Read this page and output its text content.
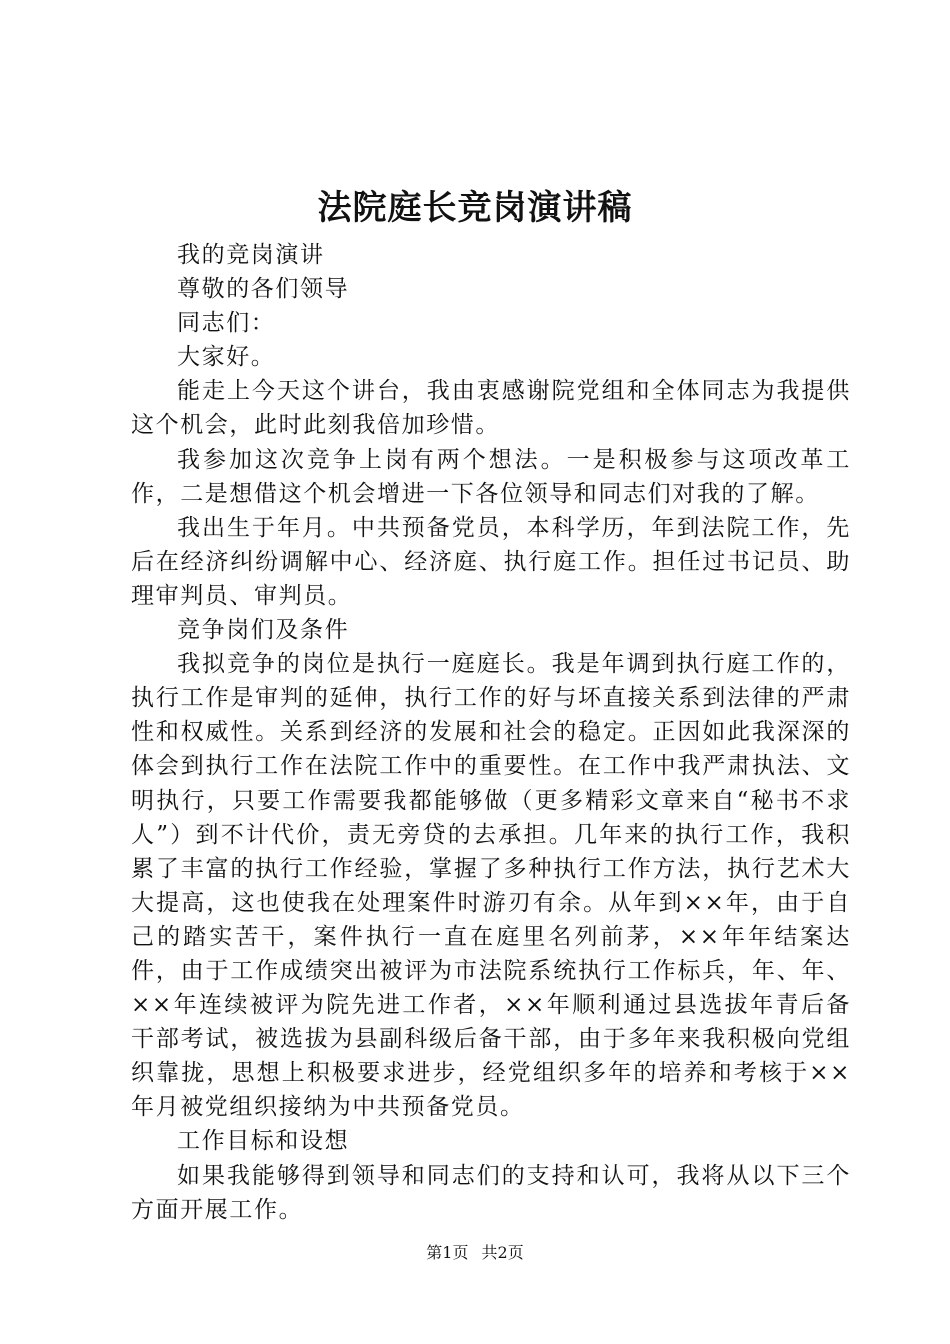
法院庭长竞岗演讲稿

我的竞岗演讲

尊敬的各们领导

同志们：

大家好。

能走上今天这个讲台，我由衷感谢院党组和全体同志为我提供这个机会，此时此刻我倍加珍惜。

我参加这次竞争上岗有两个想法。一是积极参与这项改革工作，二是想借这个机会增进一下各位领导和同志们对我的了解。

我出生于年月。中共预备党员，本科学历，年到法院工作，先后在经济纠纷调解中心、经济庭、执行庭工作。担任过书记员、助理审判员、审判员。

竞争岗们及条件

我拟竞争的岗位是执行一庭庭长。我是年调到执行庭工作的，执行工作是审判的延伸，执行工作的好与坏直接关系到法律的严肃性和权威性。关系到经济的发展和社会的稳定。正因如此我深深的体会到执行工作在法院工作中的重要性。在工作中我严肃执法、文明执行，只要工作需要我都能够做（更多精彩文章来自“秘书不求人”）到不计代价，责无旁贷的去承担。几年来的执行工作，我积累了丰富的执行工作经验，掌握了多种执行工作方法，执行艺术大大提高，这也使我在处理案件时游刃有余。从年到××年，由于自己的踏实苦干，案件执行一直在庭里名列前茅，××年年结案达件，由于工作成绩突出被评为市法院系统执行工作标兵，年、年、××年连续被评为院先进工作者，××年顺利通过县选拔年青后备干部考试，被选拔为县副科级后备干部，由于多年来我积极向党组织靠拢，思想上积极要求进步，经党组织多年的培养和考核于××年月被党组织接纳为中共预备党员。

工作目标和设想

如果我能够得到领导和同志们的支持和认可，我将从以下三个方面开展工作。

第1页 共2页
